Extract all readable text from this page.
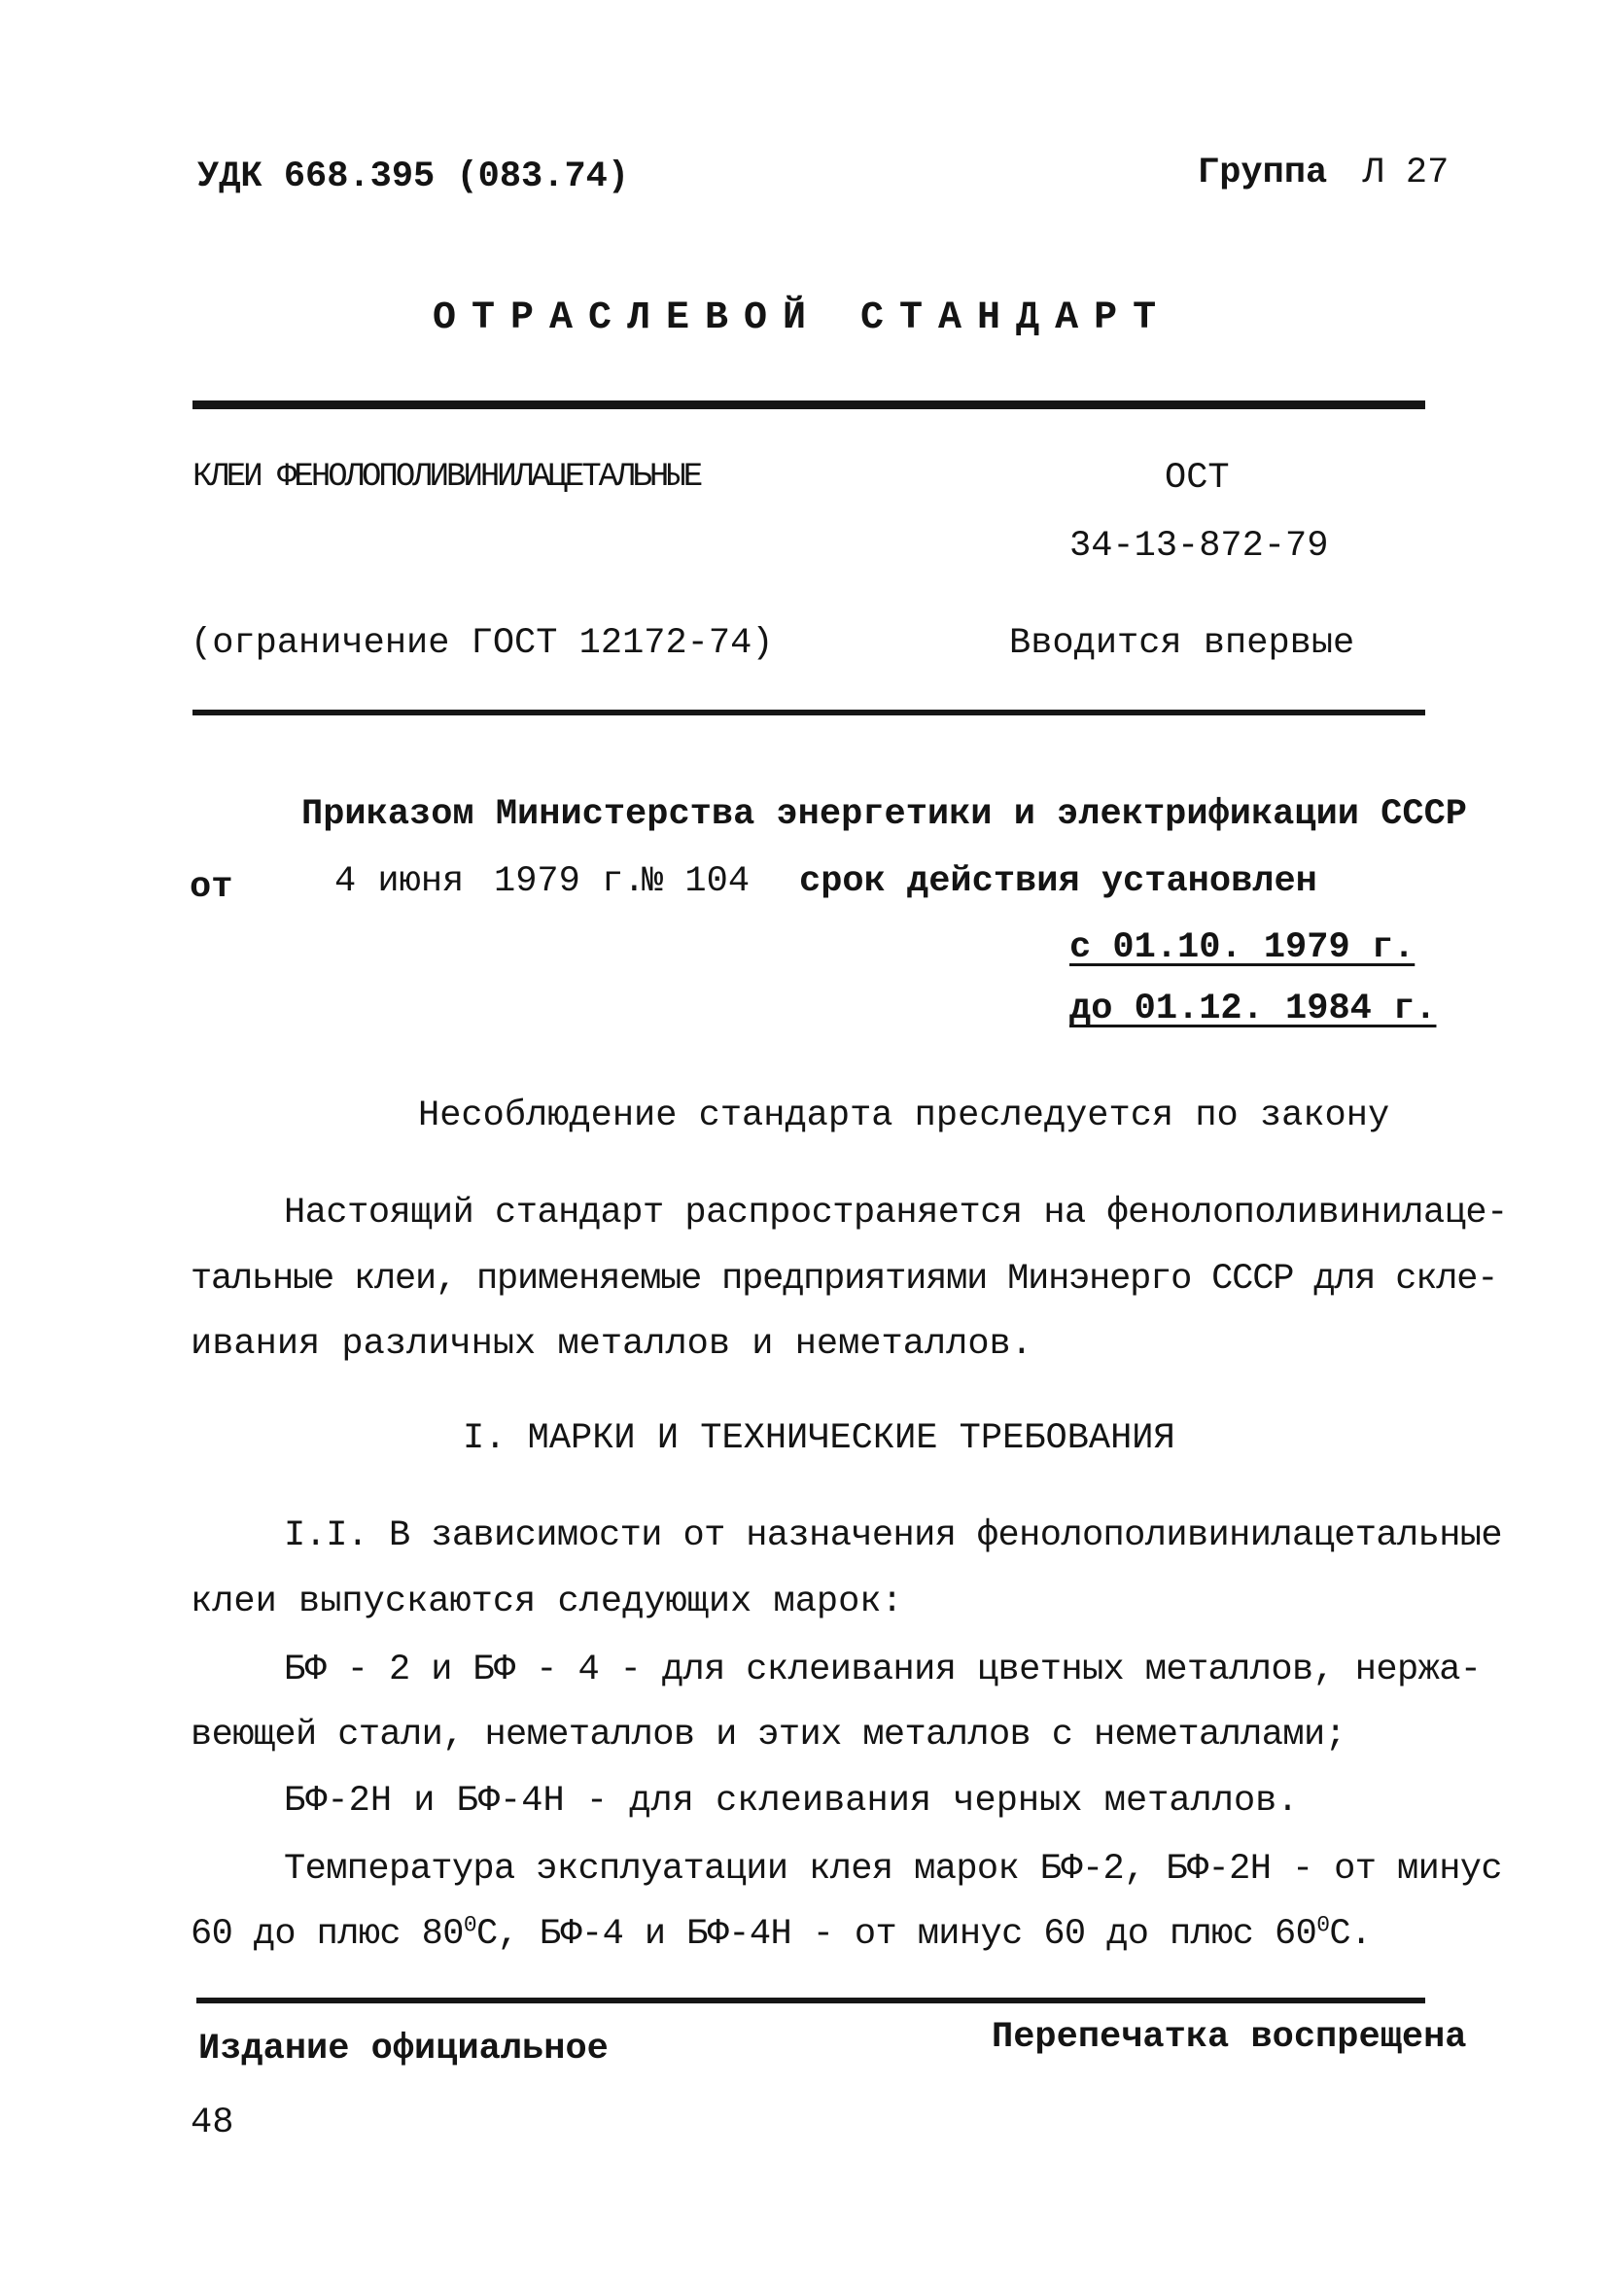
УДК 668.395 (083.74)	Группа Л 27
ОТРАСЛЕВОЙ СТАНДАРТ
КЛЕИ ФЕНОЛОПОЛИВИНИЛАЦЕТАЛЬНЫЕ	ОСТ
34-13-872-79
(ограничение ГОСТ 12172-74)	Вводится впервые
Приказом Министерства энергетики и электрификации СССР
от	4 июня 1979 г.
№ 104 срок действия установлен
с 01.10. 1979 г.
до 01.12. 1984 г.
Несоблюдение стандарта преследуется по закону
Настоящий стандарт распространяется на фенолополивинилаце-
тальные клеи, применяемые предприятиями Минэнерго СССР для скле-
ивания различных металлов и неметаллов.
I. МАРКИ И ТЕХНИЧЕСКИЕ ТРЕБОВАНИЯ
I.I. В зависимости от назначения фенолополивинилацетальные
клеи выпускаются следующих марок:
БФ - 2 и БФ - 4 - для склеивания цветных металлов, нержа-
веющей стали, неметаллов и этих металлов с неметаллами;
БФ-2Н и БФ-4Н - для склеивания черных металлов.
Температура эксплуатации клея марок БФ-2, БФ-2Н - от минус
60 до плюс $80^0С$, БФ-4 и БФ-4Н - от минус 60 до плюс $60^0С$.
Издание официальное	Перепечатка воспрещена
48
